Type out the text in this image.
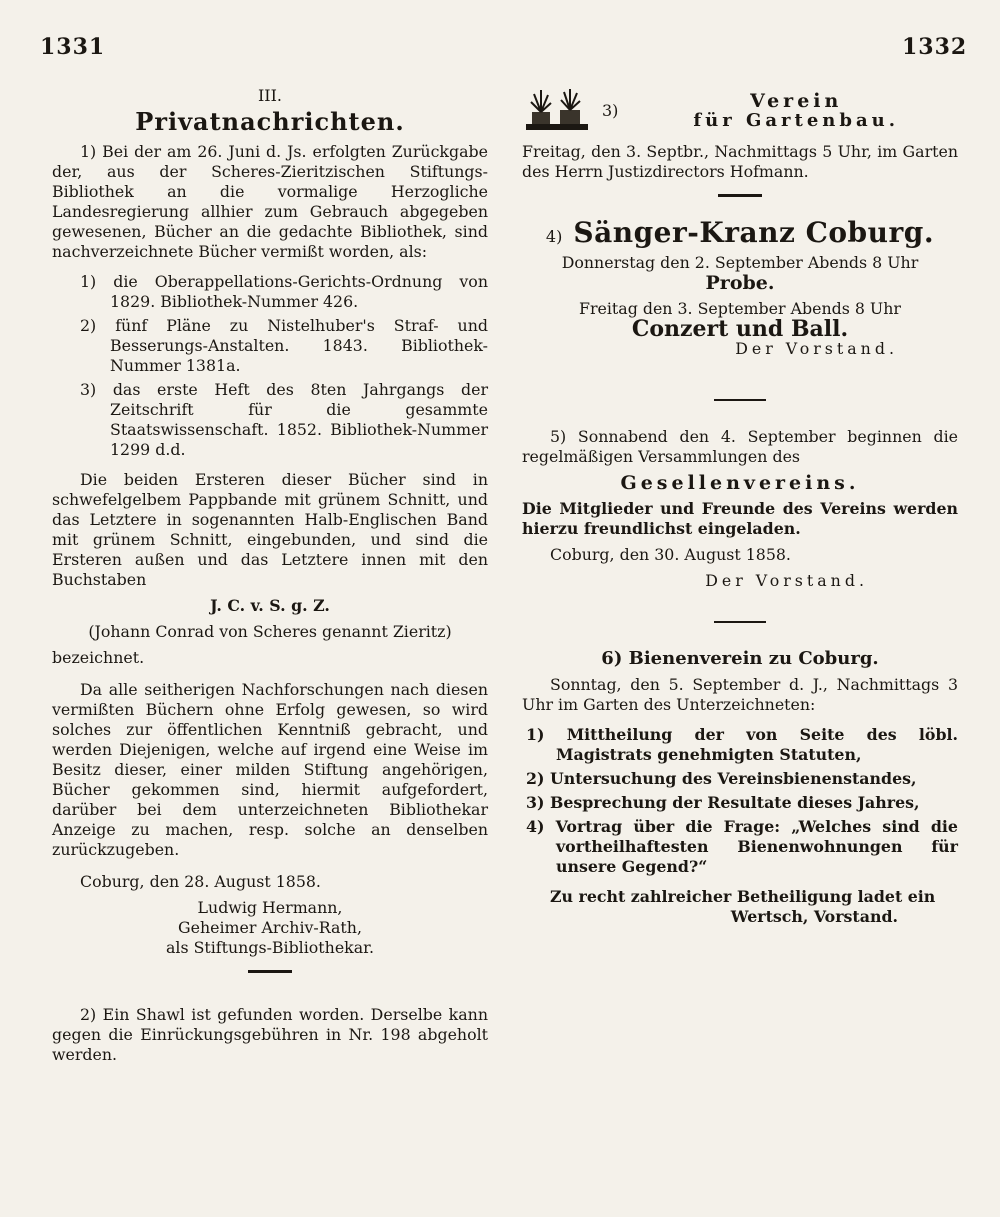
1331	1332
III.
Privatnachrichten.

1) Bei der am 26. Juni d. Js. erfolgten Zurückgabe der, aus der Scheres-Zieritzischen Stiftungs-Bibliothek an die vormalige Herzogliche Landesregierung allhier zum Gebrauch abgegeben gewesenen, Bücher an die gedachte Bibliothek, sind nachverzeichnete Bücher vermißt worden, als:

1) die Oberappellations-Gerichts-Ordnung von 1829. Bibliothek-Nummer 426.

2) fünf Pläne zu Nistelhuber's Straf- und Besserungs-Anstalten. 1843. Bibliothek-Nummer 1381a.

3) das erste Heft des 8ten Jahrgangs der Zeitschrift für die gesammte Staatswissenschaft. 1852. Bibliothek-Nummer 1299 d.d.

Die beiden Ersteren dieser Bücher sind in schwefelgelbem Pappbande mit grünem Schnitt, und das Letztere in sogenannten Halb-Englischen Band mit grünem Schnitt, eingebunden, und sind die Ersteren außen und das Letztere innen mit den Buchstaben

J. C. v. S. g. Z.

(Johann Conrad von Scheres genannt Zieritz)

bezeichnet.

Da alle seitherigen Nachforschungen nach diesen vermißten Büchern ohne Erfolg gewesen, so wird solches zur öffentlichen Kenntniß gebracht, und werden Diejenigen, welche auf irgend eine Weise im Besitz dieser, einer milden Stiftung angehörigen, Bücher gekommen sind, hiermit aufgefordert, darüber bei dem unterzeichneten Bibliothekar Anzeige zu machen, resp. solche an denselben zurückzugeben.

Coburg, den 28. August 1858.

Ludwig Hermann,

Geheimer Archiv-Rath,

als Stiftungs-Bibliothekar.

2) Ein Shawl ist gefunden worden. Derselbe kann gegen die Einrückungsgebühren in Nr. 198 abgeholt werden.

3)	Verein
für Gartenbau.

Freitag, den 3. Septbr., Nachmittags 5 Uhr, im Garten des Herrn Justizdirectors Hofmann.

4) Sänger-Kranz Coburg.

Donnerstag den 2. September Abends 8 Uhr

Probe.

Freitag den 3. September Abends 8 Uhr

Conzert und Ball.

Der Vorstand.

5) Sonnabend den 4. September beginnen die regelmäßigen Versammlungen des

Gesellenvereins.

Die Mitglieder und Freunde des Vereins werden hierzu freundlichst eingeladen.

Coburg, den 30. August 1858.

Der Vorstand.

6) Bienenverein zu Coburg.

Sonntag, den 5. September d. J., Nachmittags 3 Uhr im Garten des Unterzeichneten:

1) Mittheilung der von Seite des löbl. Magistrats genehmigten Statuten,

2) Untersuchung des Vereinsbienenstandes,

3) Besprechung der Resultate dieses Jahres,

4) Vortrag über die Frage: „Welches sind die vortheilhaftesten Bienenwohnungen für unsere Gegend?“

Zu recht zahlreicher Betheiligung ladet ein

Wertsch, Vorstand.
